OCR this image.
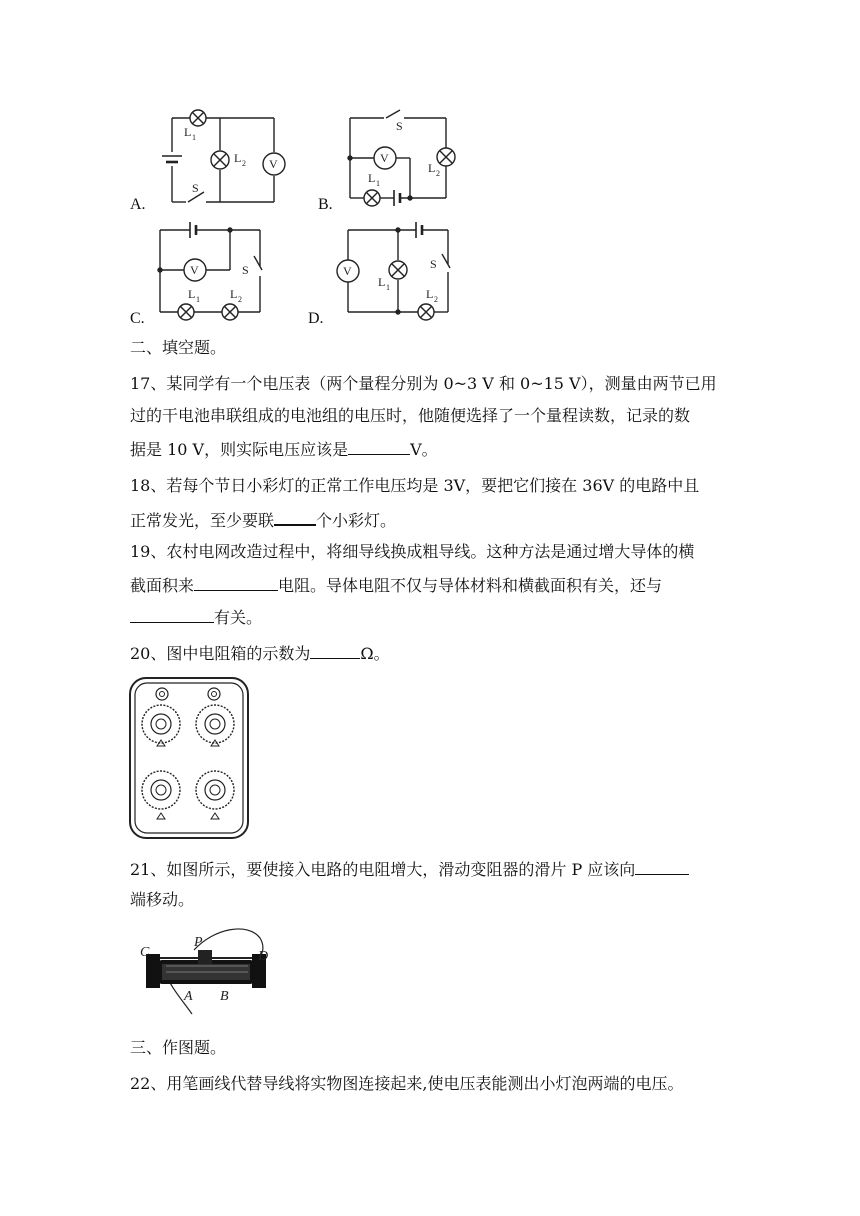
A.	B.
C.	D.
V
L 1
L 2
S
V
S
L 2
L 1
V	S
L 1	L 2
V	S
L 1	L 2
二、填空题。
17、某同学有一个电压表（两个量程分别为 0~3 V 和 0~15 V），测量由两节已用
过的干电池串联组成的电池组的电压时，他随便选择了一个量程读数，记录的数
据是 10 V，则实际电压应该是	V。
18、若每个节日小彩灯的正常工作电压均是 3V，要把它们接在 36V 的电路中且
正常发光，至少要联	个小彩灯。
19、农村电网改造过程中，将细导线换成粗导线。这种方法是通过增大导体的横
截面积来	电阻。导体电阻不仅与导体材料和横截面积有关，还与
有关。
20、图中电阻箱的示数为	Ω。
21、如图所示，要使接入电路的电阻增大，滑动变阻器的滑片 P 应该向
端移动。
C
P
D
A B
三、作图题。
22、用笔画线代替导线将实物图连接起来,使电压表能测出小灯泡两端的电压。
